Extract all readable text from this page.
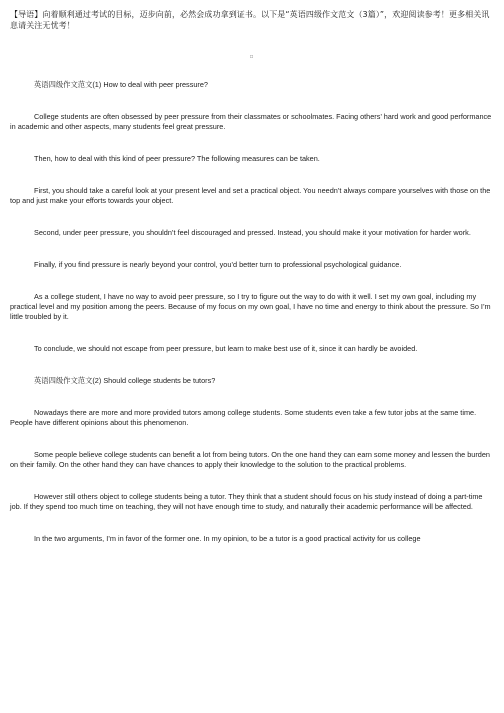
【导语】向着顺利通过考试的目标，迈步向前，必然会成功拿到证书。以下是“英语四级作文范文（3篇）”，欢迎阅读参考！更多相关讯息请关注无忧考！
▫

英语四级作文范文(1) How to deal with peer pressure?

College students are often obsessed by peer pressure from their classmates or schoolmates. Facing others’ hard work and good performance in academic and other aspects, many students feel great pressure.

Then, how to deal with this kind of peer pressure? The following measures can be taken.

First, you should take a careful look at your present level and set a practical object. You needn’t always compare yourselves with those on the top and just make your efforts towards your object.

Second, under peer pressure, you shouldn’t feel discouraged and pressed. Instead, you should make it your motivation for harder work.

Finally, if you find pressure is nearly beyond your control, you’d better turn to professional psychological guidance.

As a college student, I have no way to avoid peer pressure, so I try to figure out the way to do with it well. I set my own goal, including my practical level and my position among the peers. Because of my focus on my own goal, I have no time and energy to think about the pressure. So I’m little troubled by it.

To conclude, we should not escape from peer pressure, but learn to make best use of it, since it can hardly be avoided.

英语四级作文范文(2) Should college students be tutors?

Nowadays there are more and more provided tutors among college students. Some students even take a few tutor jobs at the same time. People have different opinions about this phenomenon.

Some people believe college students can benefit a lot from being tutors. On the one hand they can earn some money and lessen the burden on their family. On the other hand they can have chances to apply their knowledge to the solution to the practical problems.

However still others object to college students being a tutor. They think that a student should focus on his study instead of doing a part-time job. If they spend too much time on teaching, they will not have enough time to study, and naturally their academic performance will be affected.

In the two arguments, I’m in favor of the former one. In my opinion, to be a tutor is a good practical activity for us college
